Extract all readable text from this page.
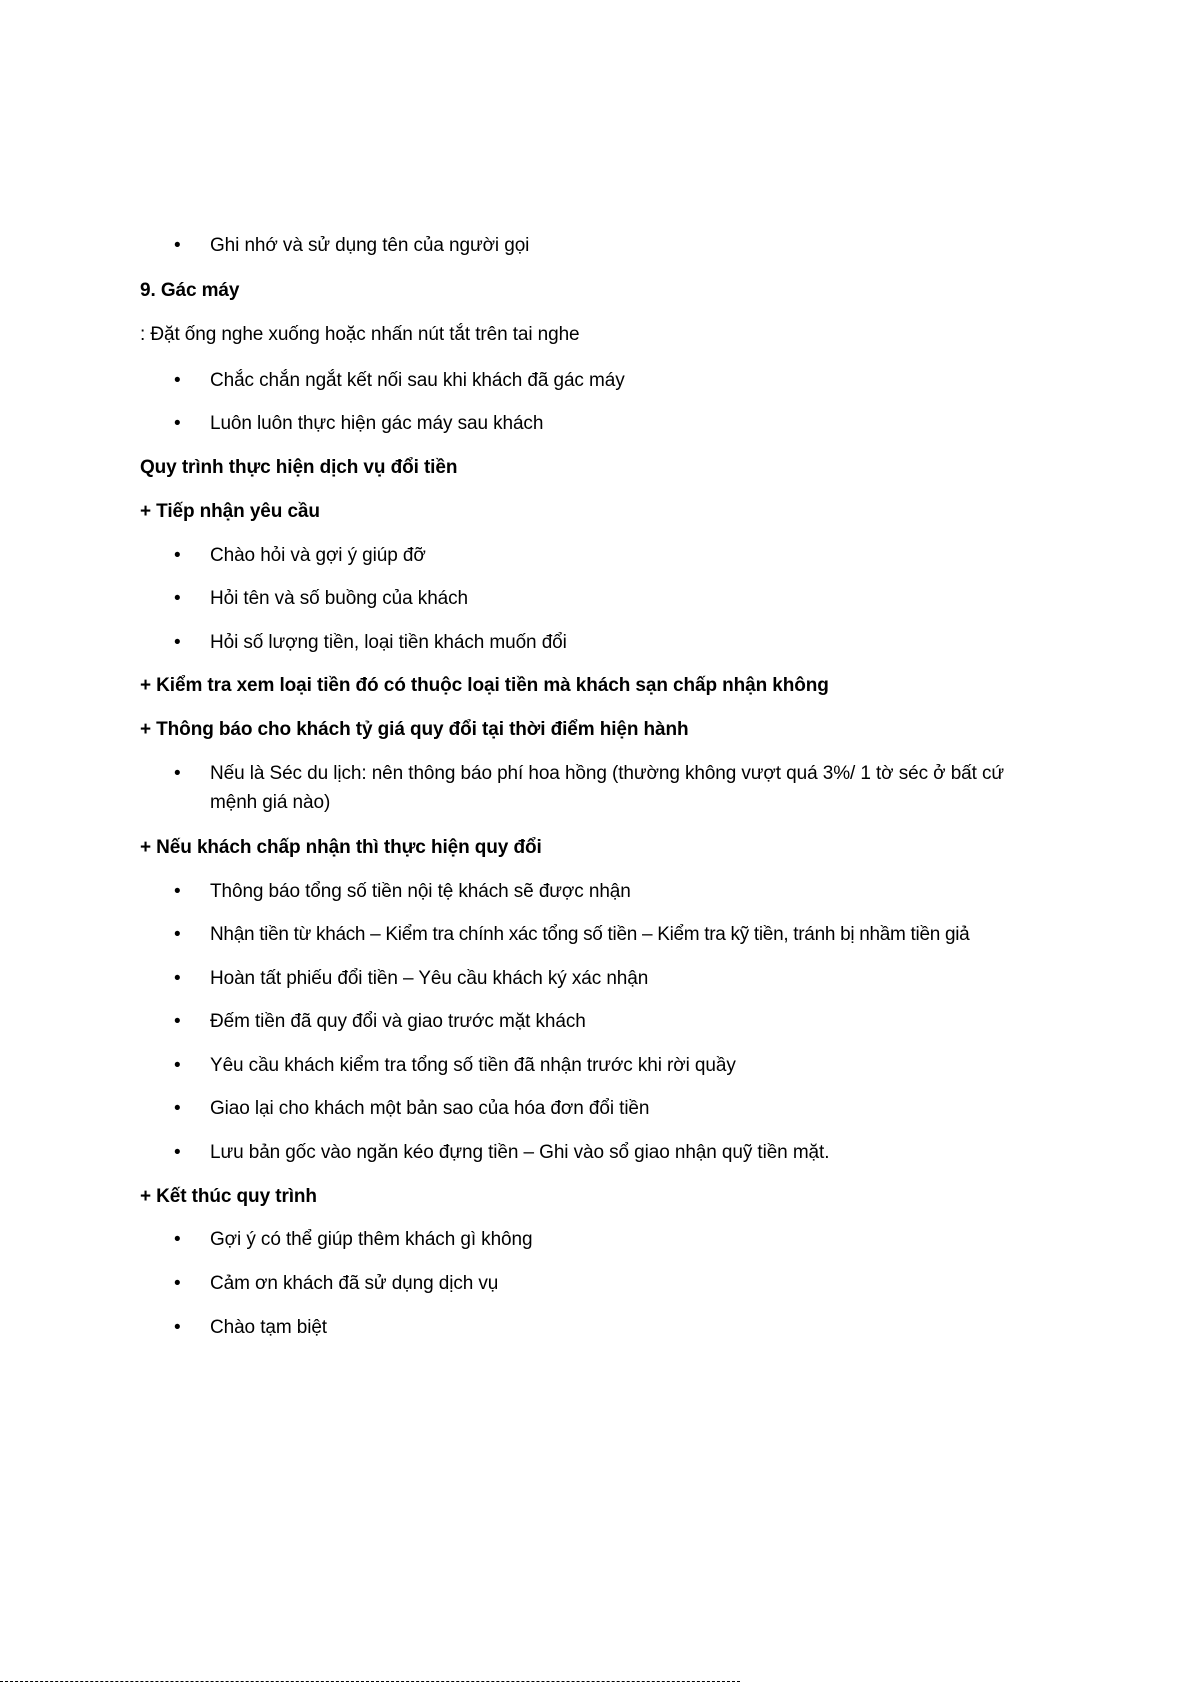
• Ghi nhớ và sử dụng tên của người gọi
9. Gác máy
: Đặt ống nghe xuống hoặc nhấn nút tắt trên tai nghe
• Chắc chắn ngắt kết nối sau khi khách đã gác máy
• Luôn luôn thực hiện gác máy sau khách
Quy trình thực hiện dịch vụ đổi tiền
+ Tiếp nhận yêu cầu
• Chào hỏi và gợi ý giúp đỡ
• Hỏi tên và số buồng của khách
• Hỏi số lượng tiền, loại tiền khách muốn đổi
+ Kiểm tra xem loại tiền đó có thuộc loại tiền mà khách sạn chấp nhận không
+ Thông báo cho khách tỷ giá quy đổi tại thời điểm hiện hành
• Nếu là Séc du lịch: nên thông báo phí hoa hồng (thường không vượt quá 3%/ 1 tờ séc ở bất cứ mệnh giá nào)
+ Nếu khách chấp nhận thì thực hiện quy đổi
• Thông báo tổng số tiền nội tệ khách sẽ được nhận
• Nhận tiền từ khách – Kiểm tra chính xác tổng số tiền – Kiểm tra kỹ tiền, tránh bị nhầm tiền giả
• Hoàn tất phiếu đổi tiền – Yêu cầu khách ký xác nhận
• Đếm tiền đã quy đổi và giao trước mặt khách
• Yêu cầu khách kiểm tra tổng số tiền đã nhận trước khi rời quầy
• Giao lại cho khách một bản sao của hóa đơn đổi tiền
• Lưu bản gốc vào ngăn kéo đựng tiền – Ghi vào sổ giao nhận quỹ tiền mặt.
+ Kết thúc quy trình
• Gợi ý có thể giúp thêm khách gì không
• Cảm ơn khách đã sử dụng dịch vụ
• Chào tạm biệt
